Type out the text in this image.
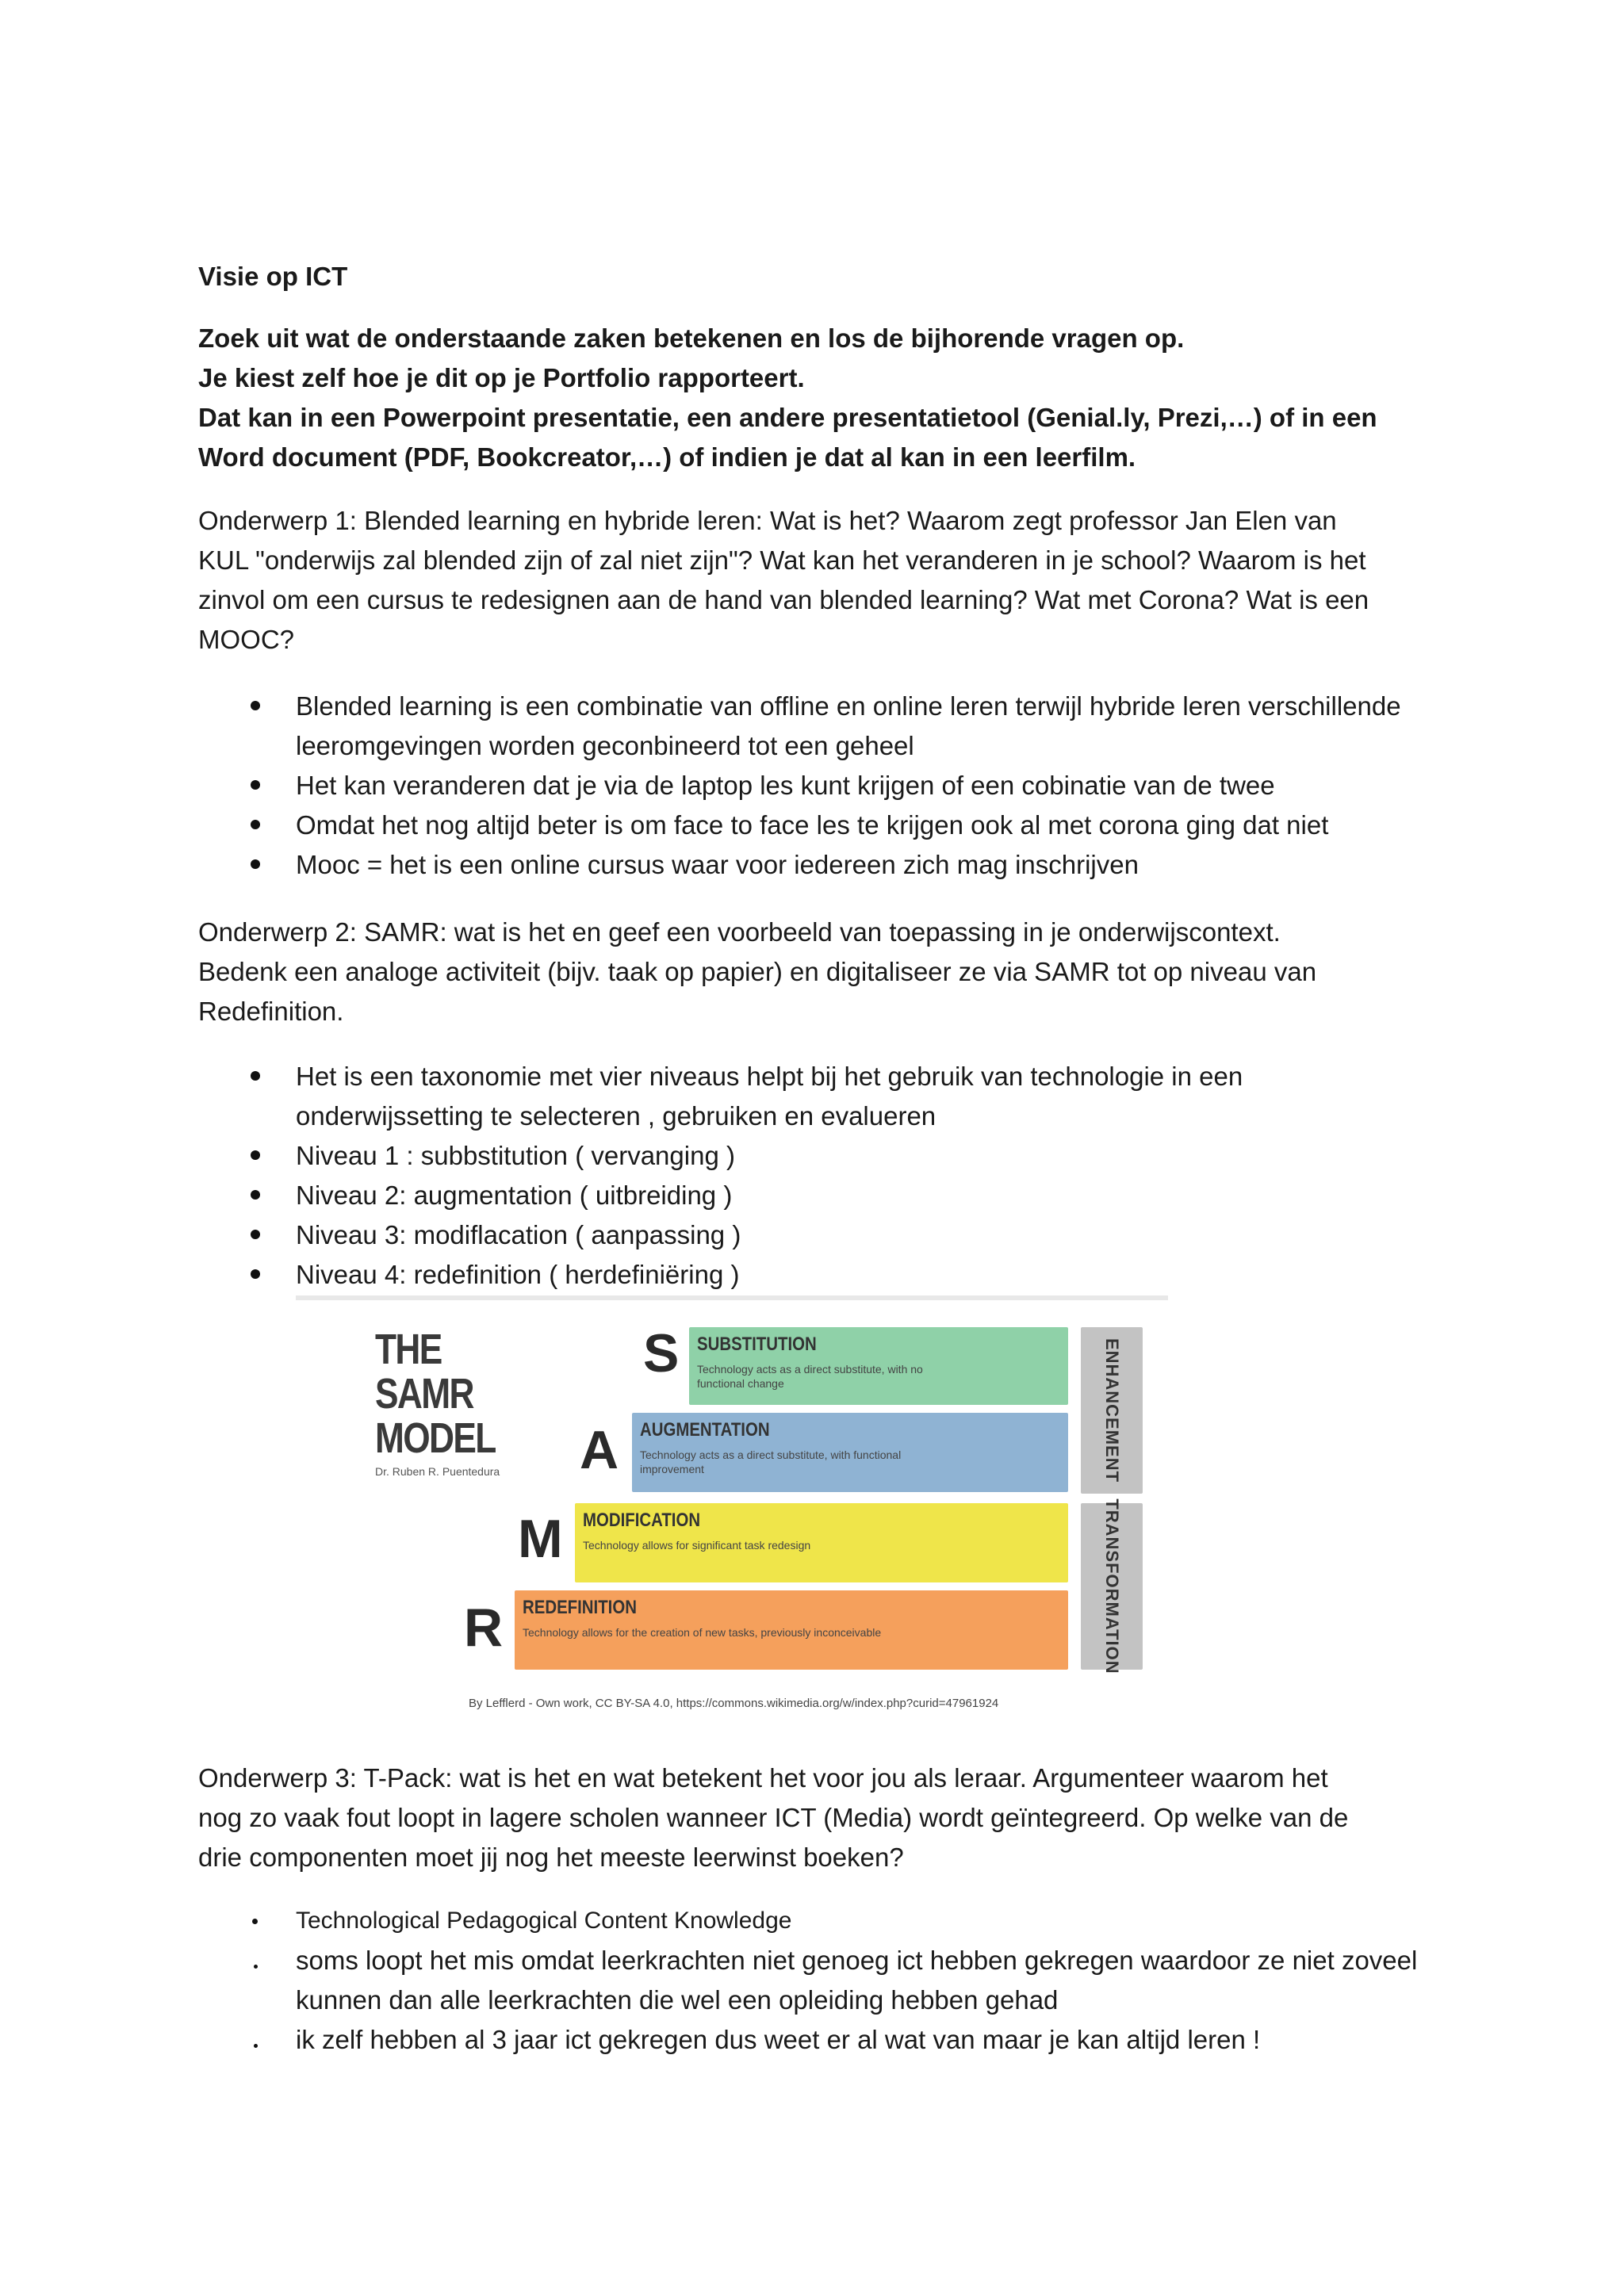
Visie op ICT
Zoek uit wat de onderstaande zaken betekenen en los de bijhorende vragen op.
Je kiest zelf hoe je dit op je Portfolio rapporteert.
Dat kan in een Powerpoint presentatie, een andere presentatietool (Genial.ly, Prezi,…) of in een
Word document (PDF, Bookcreator,…) of indien je dat al kan in een leerfilm.
Onderwerp 1: Blended learning en hybride leren: Wat is het? Waarom zegt professor Jan Elen van
KUL "onderwijs zal blended zijn of zal niet zijn"? Wat kan het veranderen in je school? Waarom is het
zinvol om een cursus te redesignen aan de hand van blended learning? Wat met Corona? Wat is een
MOOC?
Blended learning is een combinatie van offline en online leren terwijl hybride leren verschillende leeromgevingen worden geconbineerd tot een geheel
Het kan veranderen dat je via de laptop les kunt krijgen of een cobinatie van de twee
Omdat het nog altijd beter is om face to face les te krijgen ook al met corona ging dat niet
Mooc = het is een online cursus waar voor iedereen zich mag inschrijven
Onderwerp 2: SAMR: wat is het en geef een voorbeeld van toepassing in je onderwijscontext.
Bedenk een analoge activiteit (bijv. taak op papier) en digitaliseer ze via SAMR tot op niveau van
Redefinition.
Het is een taxonomie met vier niveaus helpt bij het gebruik van technologie in een onderwijssetting te selecteren , gebruiken en evalueren
Niveau 1 : subbstitution ( vervanging )
Niveau 2: augmentation ( uitbreiding )
Niveau 3: modiflacation ( aanpassing )
Niveau 4: redefinition ( herdefiniëring )
THE
SAMR
MODEL
Dr. Ruben R. Puentedura
S SUBSTITUTION
Technology acts as a direct substitute, with no
functional change
A AUGMENTATION
Technology acts as a direct substitute, with functional
improvement
M MODIFICATION
Technology allows for significant task redesign
R REDEFINITION
Technology allows for the creation of new tasks, previously inconceivable
ENHANCEMENT
TRANSFORMATION
By Lefflerd - Own work, CC BY-SA 4.0, https://commons.wikimedia.org/w/index.php?curid=47961924
Onderwerp 3: T-Pack: wat is het en wat betekent het voor jou als leraar. Argumenteer waarom het
nog zo vaak fout loopt in lagere scholen wanneer ICT (Media) wordt geïntegreerd. Op welke van de
drie componenten moet jij nog het meeste leerwinst boeken?
Technological Pedagogical Content Knowledge
soms loopt het mis omdat leerkrachten niet genoeg ict hebben gekregen waardoor ze niet zoveel kunnen dan alle leerkrachten die wel een opleiding hebben gehad
ik zelf hebben al 3 jaar ict gekregen dus weet er al wat van maar je kan altijd leren !
